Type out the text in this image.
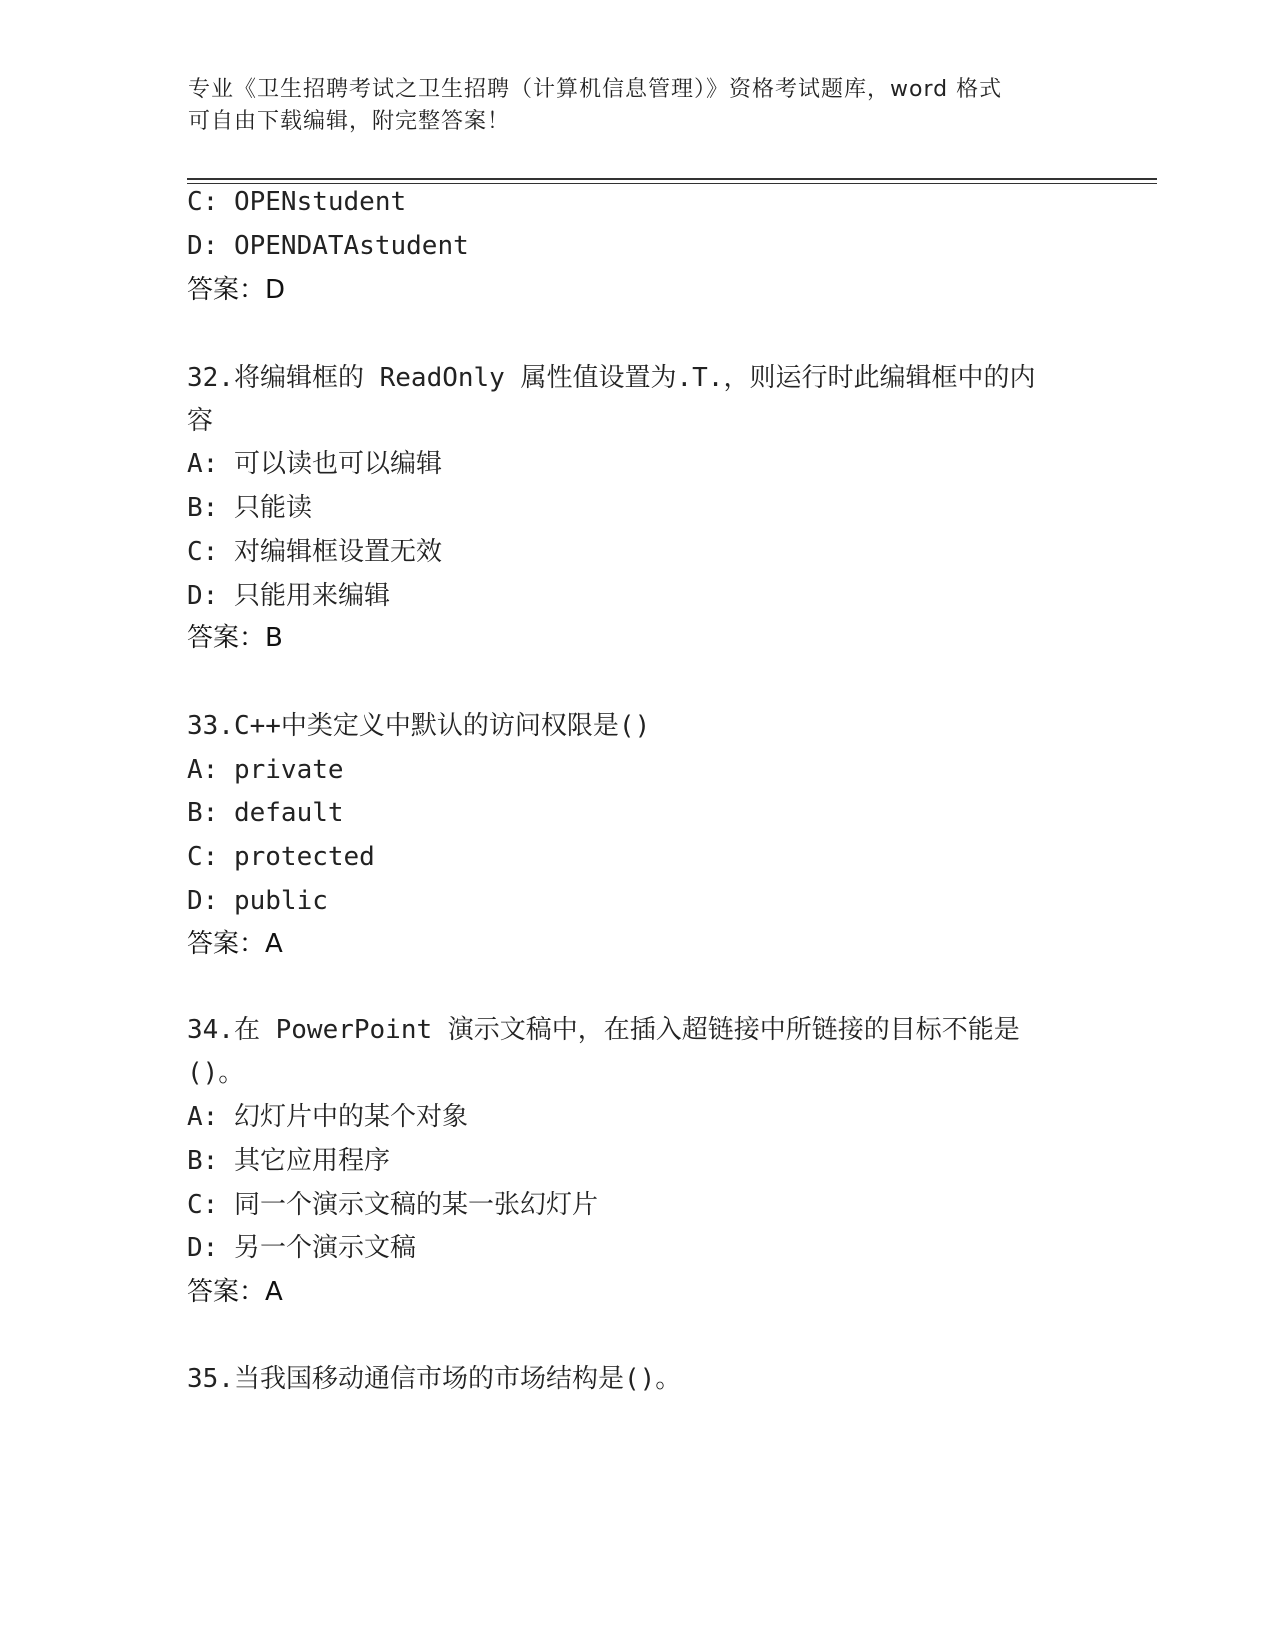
专业《卫生招聘考试之卫生招聘（计算机信息管理）》资格考试题库，word 格式
可自由下载编辑，附完整答案！
C: OPENstudent
D: OPENDATAstudent
答案：D
32.将编辑框的 ReadOnly 属性值设置为.T.，则运行时此编辑框中的内
容
A: 可以读也可以编辑
B: 只能读
C: 对编辑框设置无效
D: 只能用来编辑
答案：B
33.C++中类定义中默认的访问权限是()
A: private
B: default
C: protected
D: public
答案：A
34.在 PowerPoint 演示文稿中，在插入超链接中所链接的目标不能是
()。
A: 幻灯片中的某个对象
B: 其它应用程序
C: 同一个演示文稿的某一张幻灯片
D: 另一个演示文稿
答案：A
35.当我国移动通信市场的市场结构是()。
